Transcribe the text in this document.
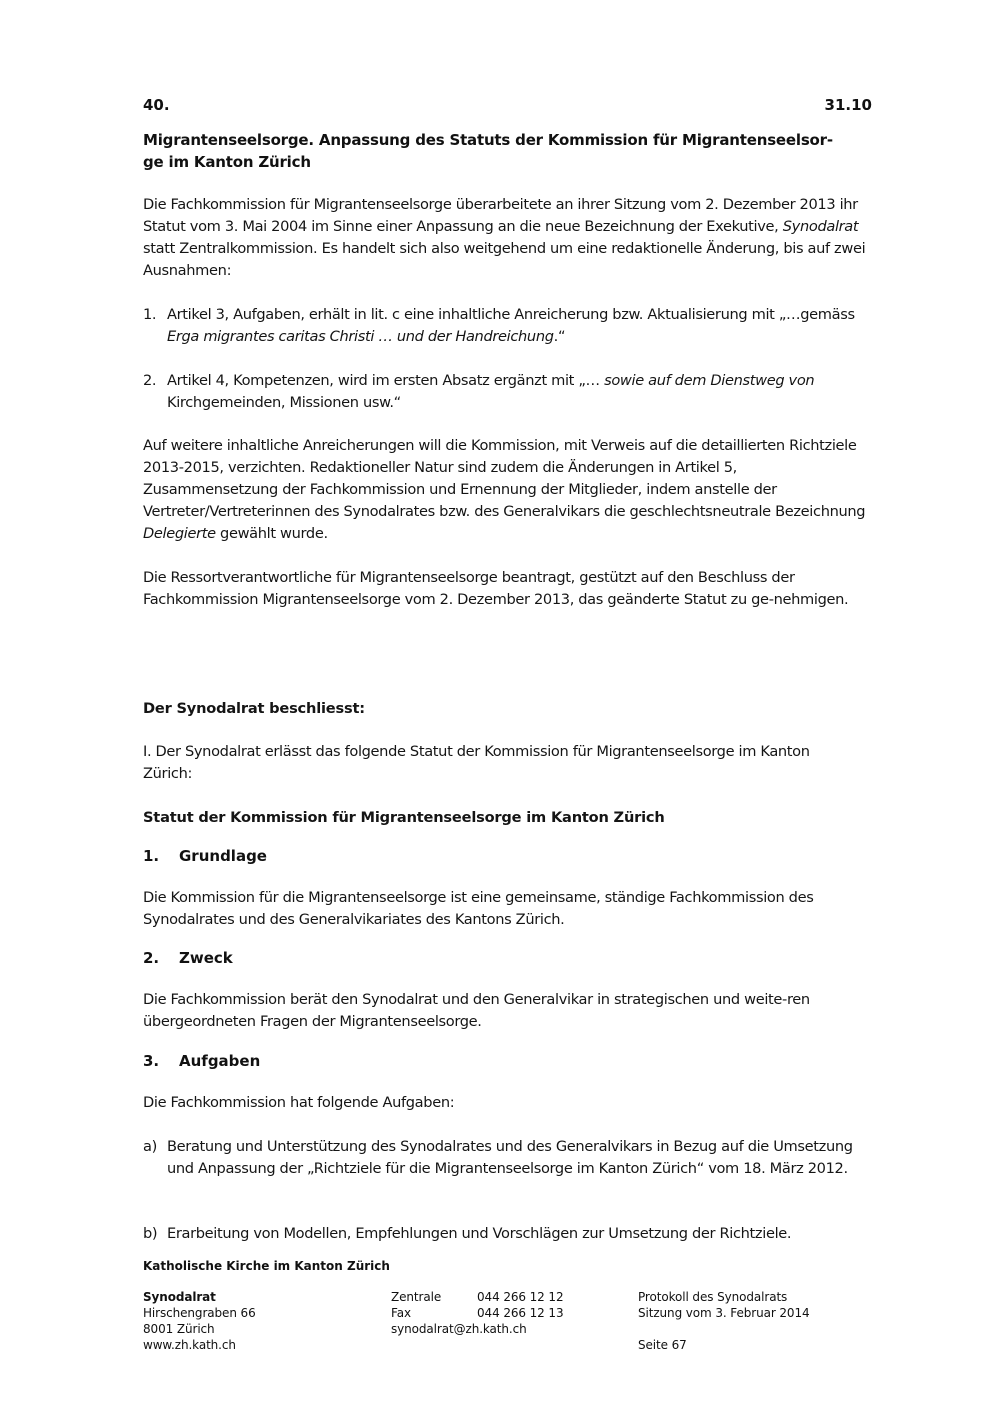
40.	31.10
Migrantenseelsorge. Anpassung des Statuts der Kommission für Migrantenseelsor-
ge im Kanton Zürich

Die Fachkommission für Migrantenseelsorge überarbeitete an ihrer Sitzung vom 2. Dezember 2013 ihr Statut vom 3. Mai 2004 im Sinne einer Anpassung an die neue Bezeichnung der Exekutive, Synodalrat statt Zentralkommission. Es handelt sich also weitgehend um eine redaktionelle Änderung, bis auf zwei Ausnahmen:

1. Artikel 3, Aufgaben, erhält in lit. c eine inhaltliche Anreicherung bzw. Aktualisierung mit „…gemäss Erga migrantes caritas Christi … und der Handreichung.“
2. Artikel 4, Kompetenzen, wird im ersten Absatz ergänzt mit „… sowie auf dem Dienstweg von Kirchgemeinden, Missionen usw.“

Auf weitere inhaltliche Anreicherungen will die Kommission, mit Verweis auf die detaillierten Richtziele 2013-2015, verzichten. Redaktioneller Natur sind zudem die Änderungen in Artikel 5, Zusammensetzung der Fachkommission und Ernennung der Mitglieder, indem anstelle der Vertreter/Vertreterinnen des Synodalrates bzw. des Generalvikars die geschlechtsneutrale Bezeichnung Delegierte gewählt wurde.

Die Ressortverantwortliche für Migrantenseelsorge beantragt, gestützt auf den Beschluss der Fachkommission Migrantenseelsorge vom 2. Dezember 2013, das geänderte Statut zu ge-nehmigen.

Der Synodalrat beschliesst:

I. Der Synodalrat erlässt das folgende Statut der Kommission für Migrantenseelsorge im Kanton Zürich:

Statut der Kommission für Migrantenseelsorge im Kanton Zürich
1.	Grundlage

Die Kommission für die Migrantenseelsorge ist eine gemeinsame, ständige Fachkommission des Synodalrates und des Generalvikariates des Kantons Zürich.

2.	Zweck

Die Fachkommission berät den Synodalrat und den Generalvikar in strategischen und weite-ren übergeordneten Fragen der Migrantenseelsorge.

3.	Aufgaben

Die Fachkommission hat folgende Aufgaben:

a) Beratung und Unterstützung des Synodalrates und des Generalvikars in Bezug auf die Umsetzung und Anpassung der „Richtziele für die Migrantenseelsorge im Kanton Zürich“ vom 18. März 2012.
b) Erarbeitung von Modellen, Empfehlungen und Vorschlägen zur Umsetzung der Richtziele.
Katholische Kirche im Kanton Zürich
Synodalrat
Hirschengraben 66
8001 Zürich
www.zh.kath.ch
Zentrale	044 266 12 12
Fax	044 266 12 13
synodalrat@zh.kath.ch
Protokoll des Synodalrats
Sitzung vom 3. Februar 2014
Seite 67
